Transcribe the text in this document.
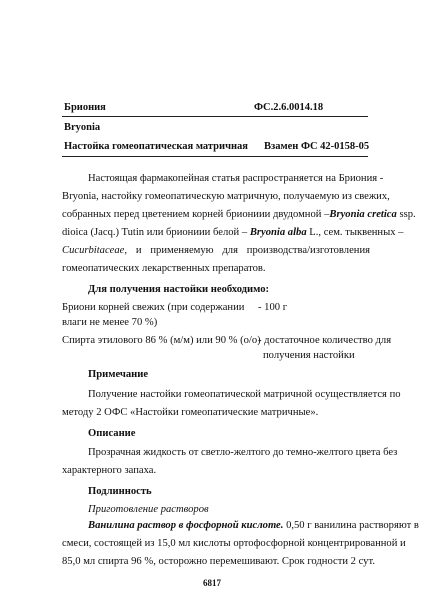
Бриония	ФС.2.6.0014.18
Bryonia
Настойка гомеопатическая матричная Взамен ФС 42-0158-05
Настоящая фармакопейная статья распространяется на Бриония -
Bryonia, настойку гомеопатическую матричную, получаемую из свежих,
собранных перед цветением корней бриониии двудомной – Bryonia cretica ssp.
dioica (Jacq.) Tutin или бриониии белой – Bryonia alba L., сем. тыквенных –
Cucurbitaceae, и применяемую для производства/изготовления
гомеопатических лекарственных препаратов.
Для получения настойки необходимо:
Бриони корней свежих (при содержании
влаги не менее 70 %)
- 100 г
Спирта этилового 86 % (м/м) или 90 % (о/о)
- достаточное количество для
получения настойки
Примечание
Получение настойки гомеопатической матричной осуществляется по
методу 2 ОФС «Настойки гомеопатические матричные».
Описание
Прозрачная жидкость от светло-желтого до темно-желтого цвета без
характерного запаха.
Подлинность
Приготовление растворов
Ванилина раствор в фосфорной кислоте. 0,50 г ванилина растворяют в
смеси, состоящей из 15,0 мл кислоты ортофосфорной концентрированной и
85,0 мл спирта 96 %, осторожно перемешивают. Срок годности 2 сут.
6817
